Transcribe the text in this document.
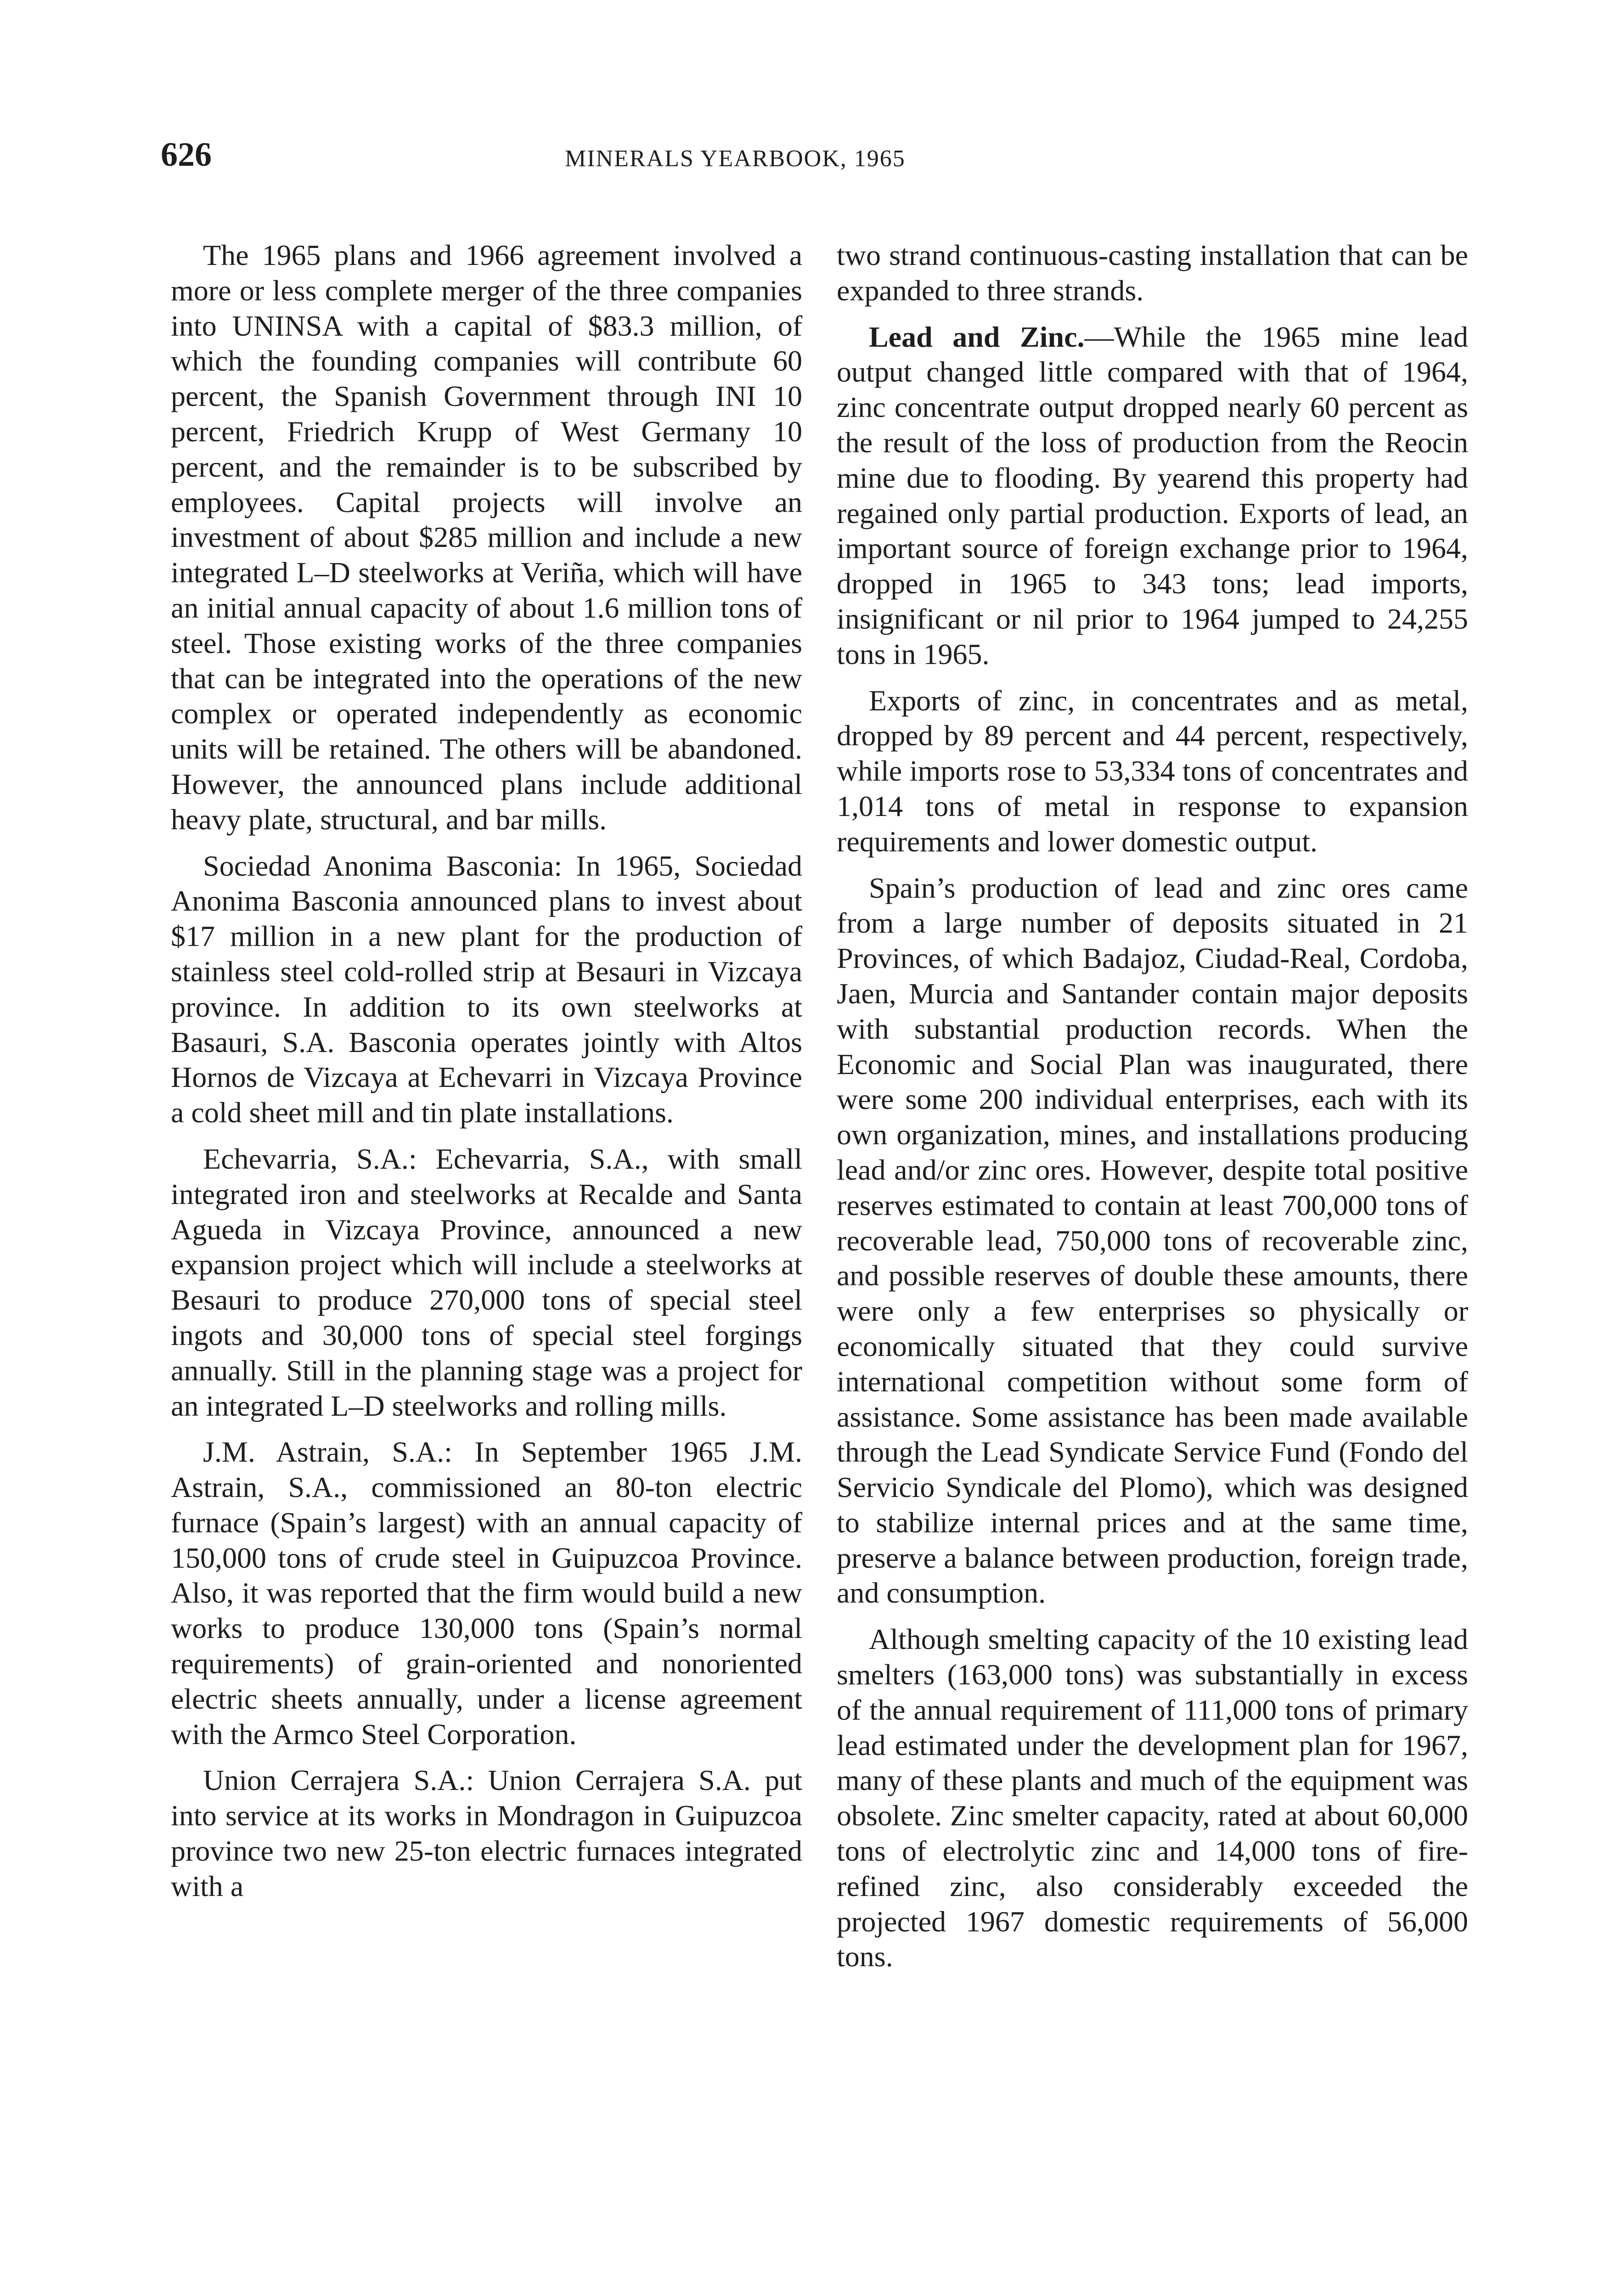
626	MINERALS YEARBOOK, 1965

The 1965 plans and 1966 agreement involved a more or less complete merger of the three companies into UNINSA with a capital of $83.3 million, of which the founding companies will contribute 60 percent, the Spanish Government through INI 10 percent, Friedrich Krupp of West Germany 10 percent, and the remainder is to be subscribed by employees. Capital projects will involve an investment of about $285 million and include a new integrated L–D steelworks at Veriña, which will have an initial annual capacity of about 1.6 million tons of steel. Those existing works of the three companies that can be integrated into the operations of the new complex or operated independently as economic units will be retained. The others will be abandoned. However, the announced plans include additional heavy plate, structural, and bar mills.

Sociedad Anonima Basconia: In 1965, Sociedad Anonima Basconia announced plans to invest about $17 million in a new plant for the production of stainless steel cold-rolled strip at Besauri in Vizcaya province. In addition to its own steelworks at Basauri, S.A. Basconia operates jointly with Altos Hornos de Vizcaya at Echevarri in Vizcaya Province a cold sheet mill and tin plate installations.

Echevarria, S.A.: Echevarria, S.A., with small integrated iron and steelworks at Recalde and Santa Agueda in Vizcaya Province, announced a new expansion project which will include a steelworks at Besauri to produce 270,000 tons of special steel ingots and 30,000 tons of special steel forgings annually. Still in the planning stage was a project for an integrated L–D steelworks and rolling mills.

J.M. Astrain, S.A.: In September 1965 J.M. Astrain, S.A., commissioned an 80-ton electric furnace (Spain’s largest) with an annual capacity of 150,000 tons of crude steel in Guipuzcoa Province. Also, it was reported that the firm would build a new works to produce 130,000 tons (Spain’s normal requirements) of grain-oriented and nonoriented electric sheets annually, under a license agreement with the Armco Steel Corporation.

Union Cerrajera S.A.: Union Cerrajera S.A. put into service at its works in Mondragon in Guipuzcoa province two new 25-ton electric furnaces integrated with a

two strand continuous-casting installation that can be expanded to three strands.

Lead and Zinc.—While the 1965 mine lead output changed little compared with that of 1964, zinc concentrate output dropped nearly 60 percent as the result of the loss of production from the Reocin mine due to flooding. By yearend this property had regained only partial production. Exports of lead, an important source of foreign exchange prior to 1964, dropped in 1965 to 343 tons; lead imports, insignificant or nil prior to 1964 jumped to 24,255 tons in 1965.

Exports of zinc, in concentrates and as metal, dropped by 89 percent and 44 percent, respectively, while imports rose to 53,334 tons of concentrates and 1,014 tons of metal in response to expansion requirements and lower domestic output.

Spain’s production of lead and zinc ores came from a large number of deposits situated in 21 Provinces, of which Badajoz, Ciudad-Real, Cordoba, Jaen, Murcia and Santander contain major deposits with substantial production records. When the Economic and Social Plan was inaugurated, there were some 200 individual enterprises, each with its own organization, mines, and installations producing lead and/or zinc ores. However, despite total positive reserves estimated to contain at least 700,000 tons of recoverable lead, 750,000 tons of recoverable zinc, and possible reserves of double these amounts, there were only a few enterprises so physically or economically situated that they could survive international competition without some form of assistance. Some assistance has been made available through the Lead Syndicate Service Fund (Fondo del Servicio Syndicale del Plomo), which was designed to stabilize internal prices and at the same time, preserve a balance between production, foreign trade, and consumption.

Although smelting capacity of the 10 existing lead smelters (163,000 tons) was substantially in excess of the annual requirement of 111,000 tons of primary lead estimated under the development plan for 1967, many of these plants and much of the equipment was obsolete. Zinc smelter capacity, rated at about 60,000 tons of electrolytic zinc and 14,000 tons of fire-refined zinc, also considerably exceeded the projected 1967 domestic requirements of 56,000 tons.
